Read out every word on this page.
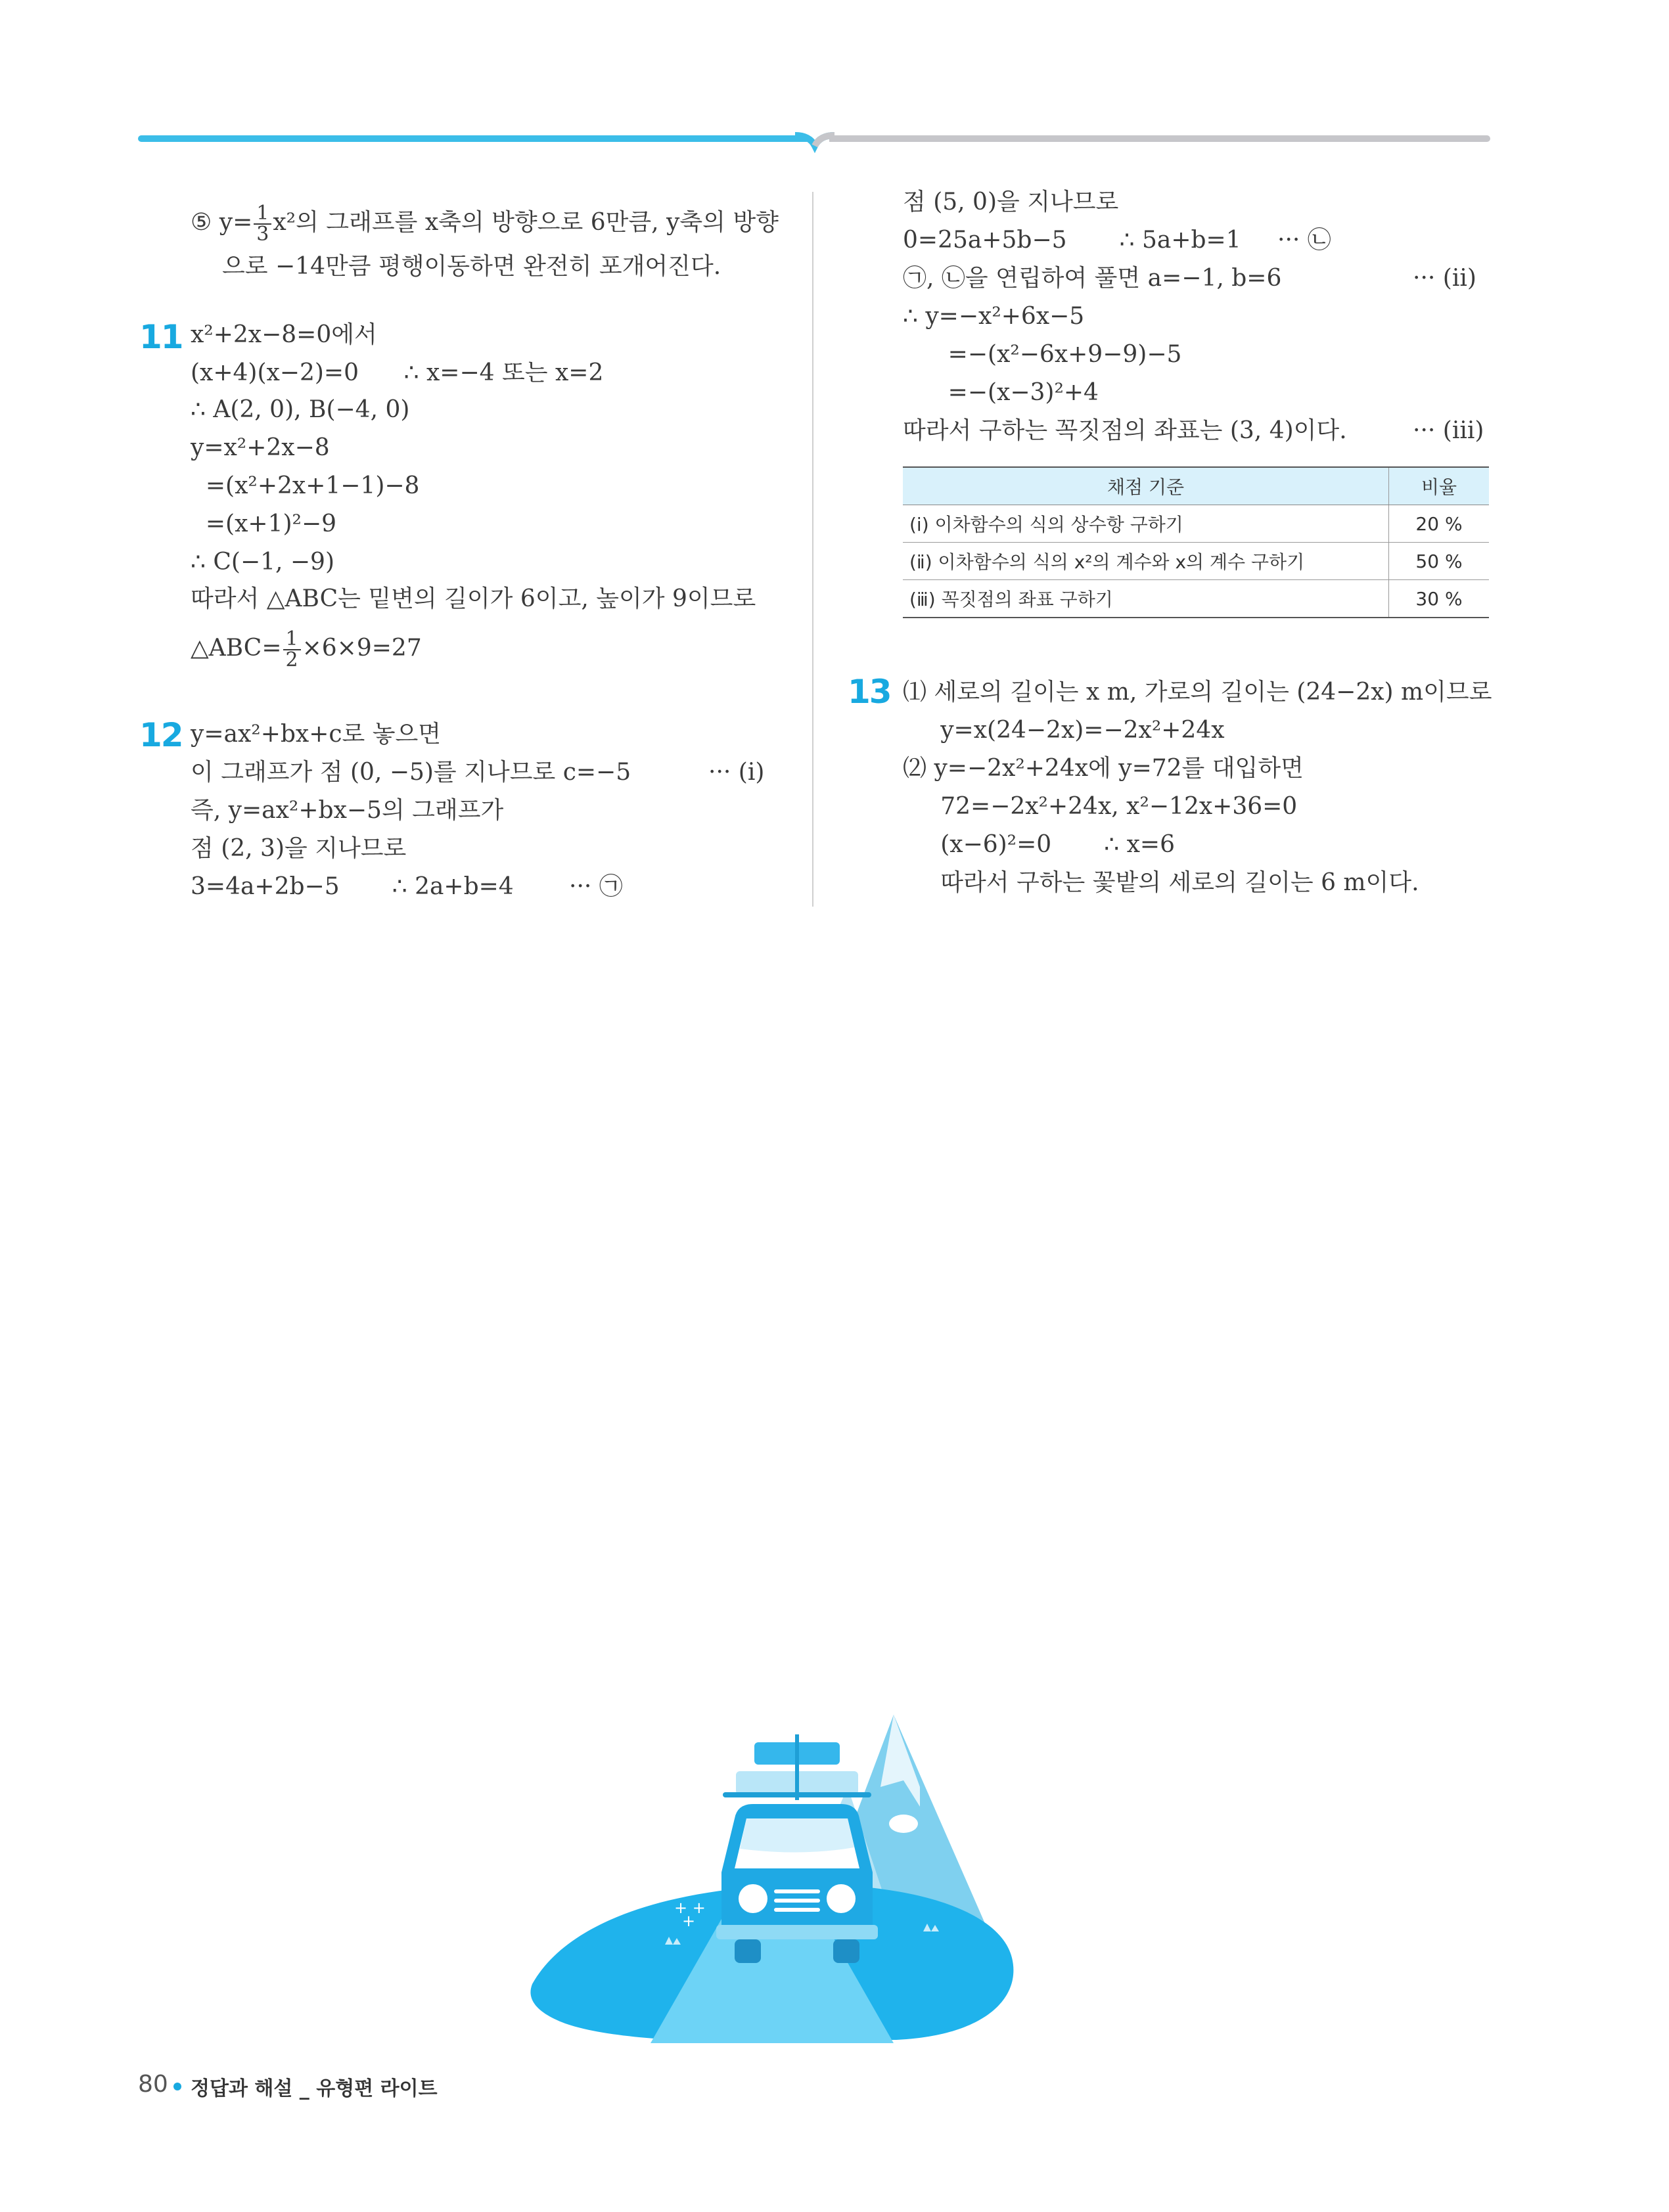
⑤ $y= \frac{1}{3} x^2$의 그래프를 x축의 방향으로 6만큼, y축의 방향
으로 −14만큼 평행이동하면 완전히 포개어진다.
11 x²+2x−8=0에서
(x+4)(x−2)=0      ∴ x=−4 또는 x=2
∴ A(2, 0), B(−4, 0)
y=x²+2x−8
=(x²+2x+1−1)−8
=(x+1)²−9
∴ C(−1, −9)
따라서 △ABC는 밑변의 길이가 6이고, 높이가 9이므로
△ABC= $\frac{1}{2} \times 6\times 9=27$
12 y=ax²+bx+c로 놓으면
이 그래프가 점 (0, −5)를 지나므로 c=−5	··· (ⅰ)
즉, y=ax²+bx−5의 그래프가
점 (2, 3)을 지나므로
3=4a+2b−5       ∴ 2a+b=4 ··· ㉠
점 (5, 0)을 지나므로
0=25a+5b−5       ∴ 5a+b=1 ··· ㉡
㉠, ㉡을 연립하여 풀면 a=−1, b=6	··· (ⅱ)
∴ y=−x²+6x−5
=−(x²−6x+9−9)−5
=−(x−3)²+4
따라서 구하는 꼭짓점의 좌표는 (3, 4)이다.	··· (ⅲ)
채점 기준	비율
(ⅰ) 이차함수의 식의 상수항 구하기	20 %
(ⅱ) 이차함수의 식의 x²의 계수와 x의 계수 구하기	50 %
(ⅲ) 꼭짓점의 좌표 구하기	30 %
13 ⑴ 세로의 길이는 x m, 가로의 길이는 (24−2x) m이므로
y=x(24−2x)=−2x²+24x
⑵ y=−2x²+24x에 y=72를 대입하면
72=−2x²+24x, x²−12x+36=0
(x−6)²=0       ∴ x=6
따라서 구하는 꽃밭의 세로의 길이는 6 m이다.
+ +
+
80 정답과 해설 _ 유형편 라이트
